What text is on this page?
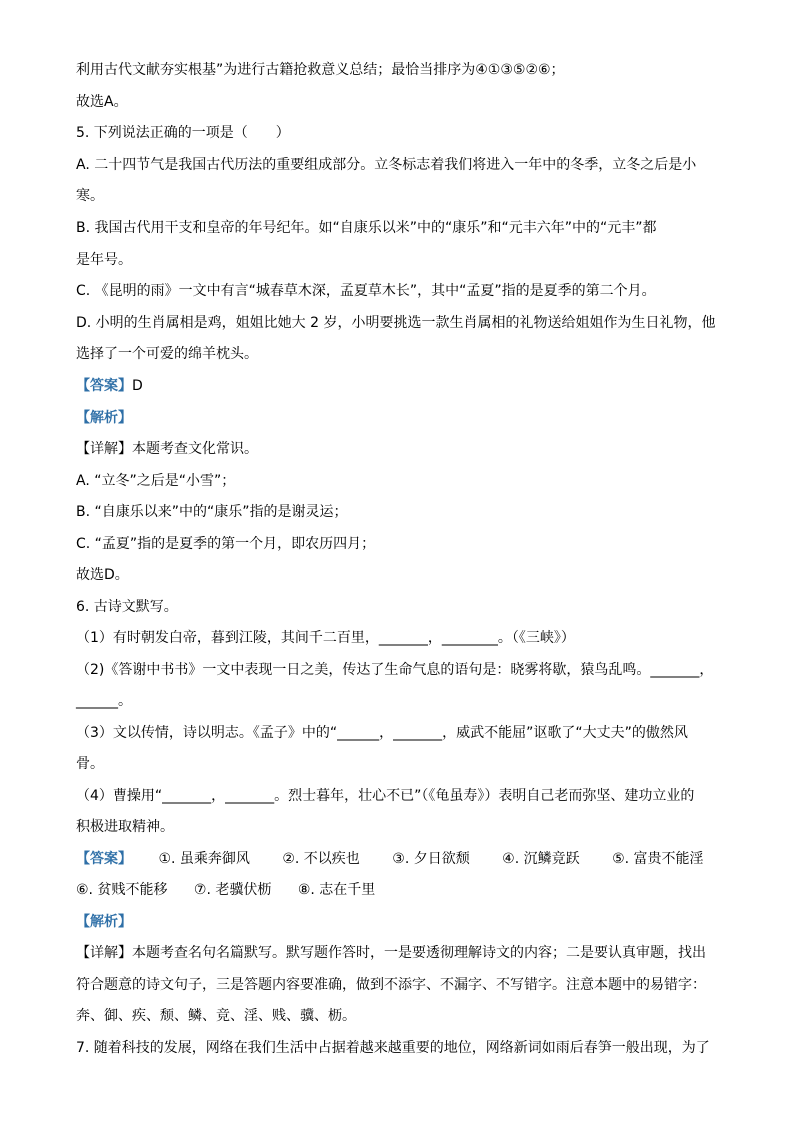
利用古代文献夯实根基”为进行古籍抢救意义总结；最恰当排序为④①③⑤②⑥；
故选A。
5. 下列说法正确的一项是（　　）
A. 二十四节气是我国古代历法的重要组成部分。立冬标志着我们将进入一年中的冬季，立冬之后是小
寒。
B. 我国古代用干支和皇帝的年号纪年。如“自康乐以米”中的“康乐”和“元丰六年”中的“元丰”都
是年号。
C. 《昆明的雨》一文中有言“城春草木深，孟夏草木长”，其中“孟夏”指的是夏季的第二个月。
D. 小明的生肖属相是鸡，姐姐比她大 2 岁，小明要挑选一款生肖属相的礼物送给姐姐作为生日礼物，他
选择了一个可爱的绵羊枕头。
【答案】D
【解析】
【详解】本题考查文化常识。
A. “立冬”之后是“小雪”；
B. “自康乐以来”中的“康乐”指的是谢灵运；
C. “孟夏”指的是夏季的第一个月，即农历四月；
故选D。
6. 古诗文默写。
（1）有时朝发白帝，暮到江陵，其间千二百里，_______，________。（《三峡》）
（2)《答谢中书书》一文中表现一日之美，传达了生命气息的语句是：晓雾将歇，猿鸟乱鸣。_______，
______。
（3）文以传情，诗以明志。《孟子》中的“______，_______，威武不能屈”讴歌了“大丈夫”的傲然风
骨。
（4）曹操用“_______，_______。烈士暮年，壮心不已”（《龟虽寿》）表明自己老而弥坚、建功立业的
积极进取精神。
【答案】 ①. 虽乘奔御风 ②. 不以疾也 ③. 夕日欲颓 ④. 沉鳞竞跃 ⑤. 富贵不能淫
⑥. 贫贱不能移 ⑦. 老骥伏枥 ⑧. 志在千里
【解析】
【详解】本题考查名句名篇默写。默写题作答时，一是要透彻理解诗文的内容；二是要认真审题，找出
符合题意的诗文句子，三是答题内容要准确，做到不添字、不漏字、不写错字。注意本题中的易错字：
奔、御、疾、颓、鳞、竞、淫、贱、骥、枥。
7. 随着科技的发展，网络在我们生活中占据着越来越重要的地位，网络新词如雨后春笋一般出现，为了
